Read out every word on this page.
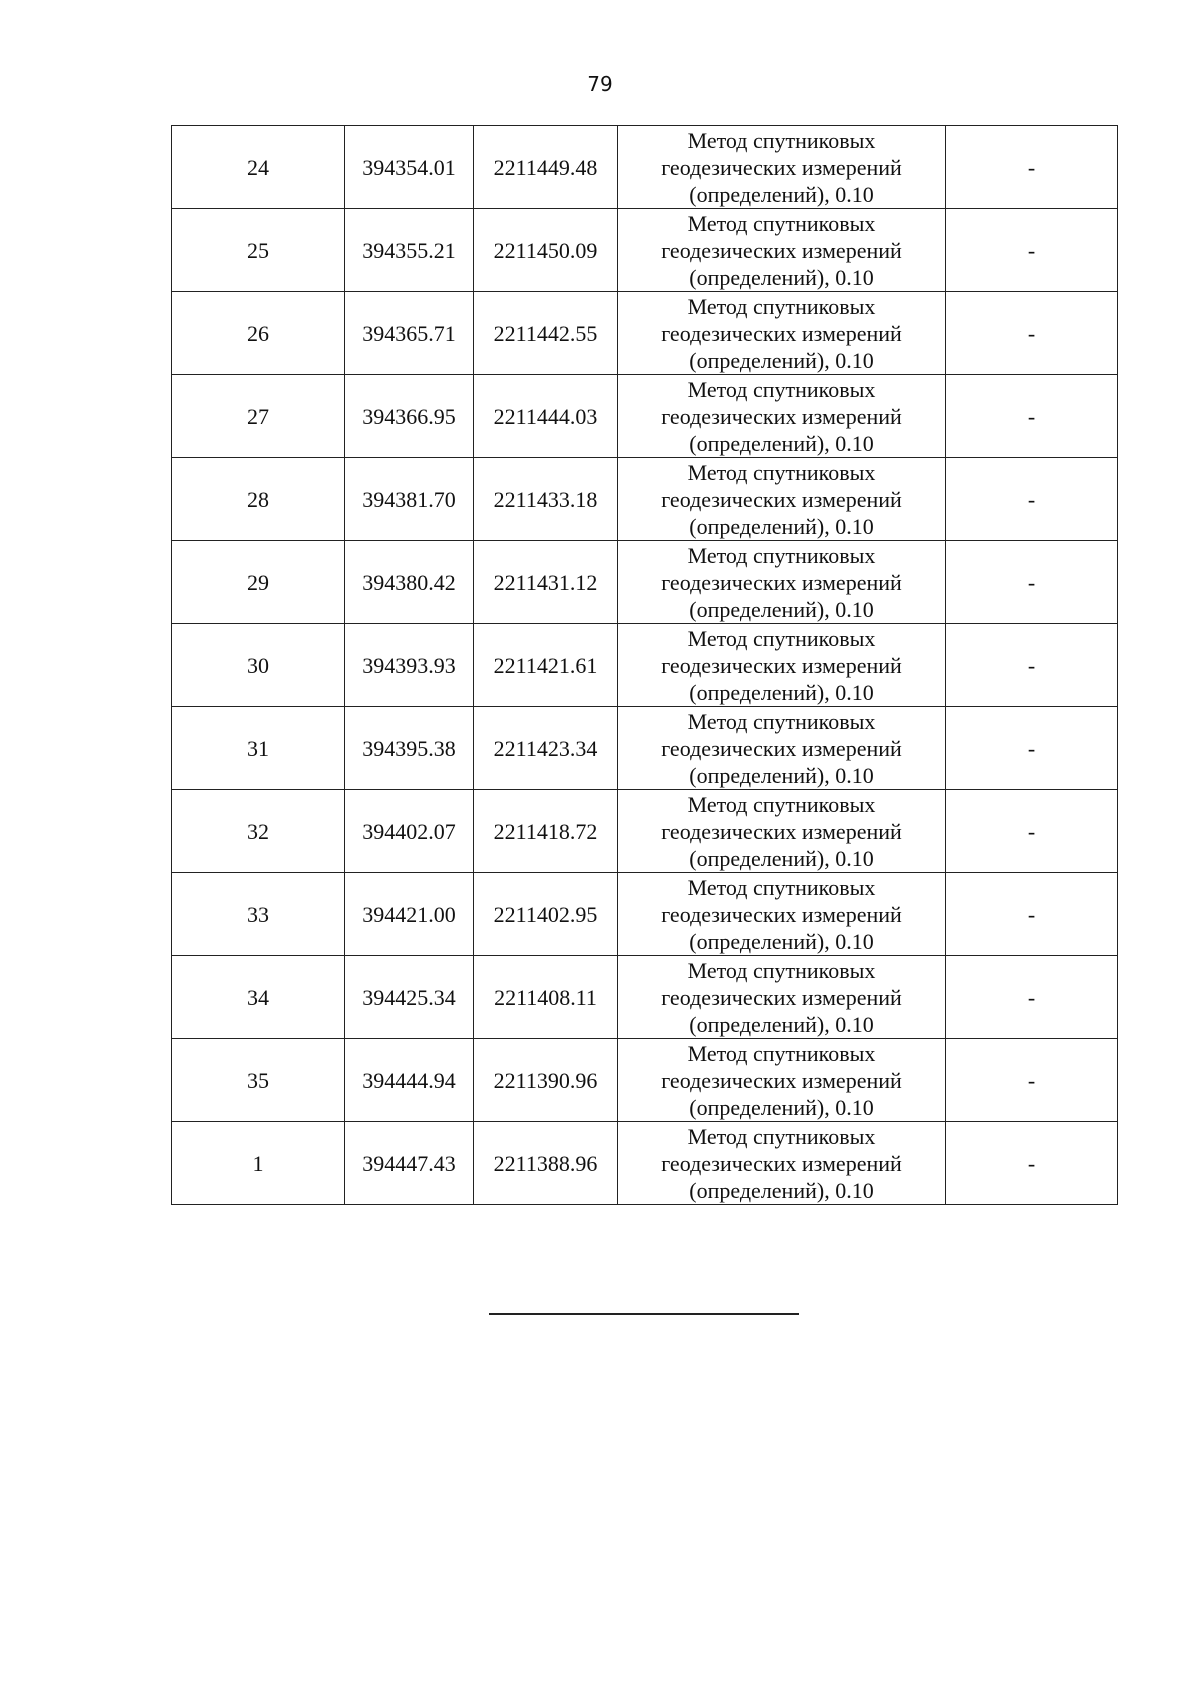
79
24	394354.01	2211449.48	Метод спутниковых
геодезических измерений
(определений), 0.10	-
25	394355.21	2211450.09	Метод спутниковых
геодезических измерений
(определений), 0.10	-
26	394365.71	2211442.55	Метод спутниковых
геодезических измерений
(определений), 0.10	-
27	394366.95	2211444.03	Метод спутниковых
геодезических измерений
(определений), 0.10	-
28	394381.70	2211433.18	Метод спутниковых
геодезических измерений
(определений), 0.10	-
29	394380.42	2211431.12	Метод спутниковых
геодезических измерений
(определений), 0.10	-
30	394393.93	2211421.61	Метод спутниковых
геодезических измерений
(определений), 0.10	-
31	394395.38	2211423.34	Метод спутниковых
геодезических измерений
(определений), 0.10	-
32	394402.07	2211418.72	Метод спутниковых
геодезических измерений
(определений), 0.10	-
33	394421.00	2211402.95	Метод спутниковых
геодезических измерений
(определений), 0.10	-
34	394425.34	2211408.11	Метод спутниковых
геодезических измерений
(определений), 0.10	-
35	394444.94	2211390.96	Метод спутниковых
геодезических измерений
(определений), 0.10	-
1	394447.43	2211388.96	Метод спутниковых
геодезических измерений
(определений), 0.10	-
